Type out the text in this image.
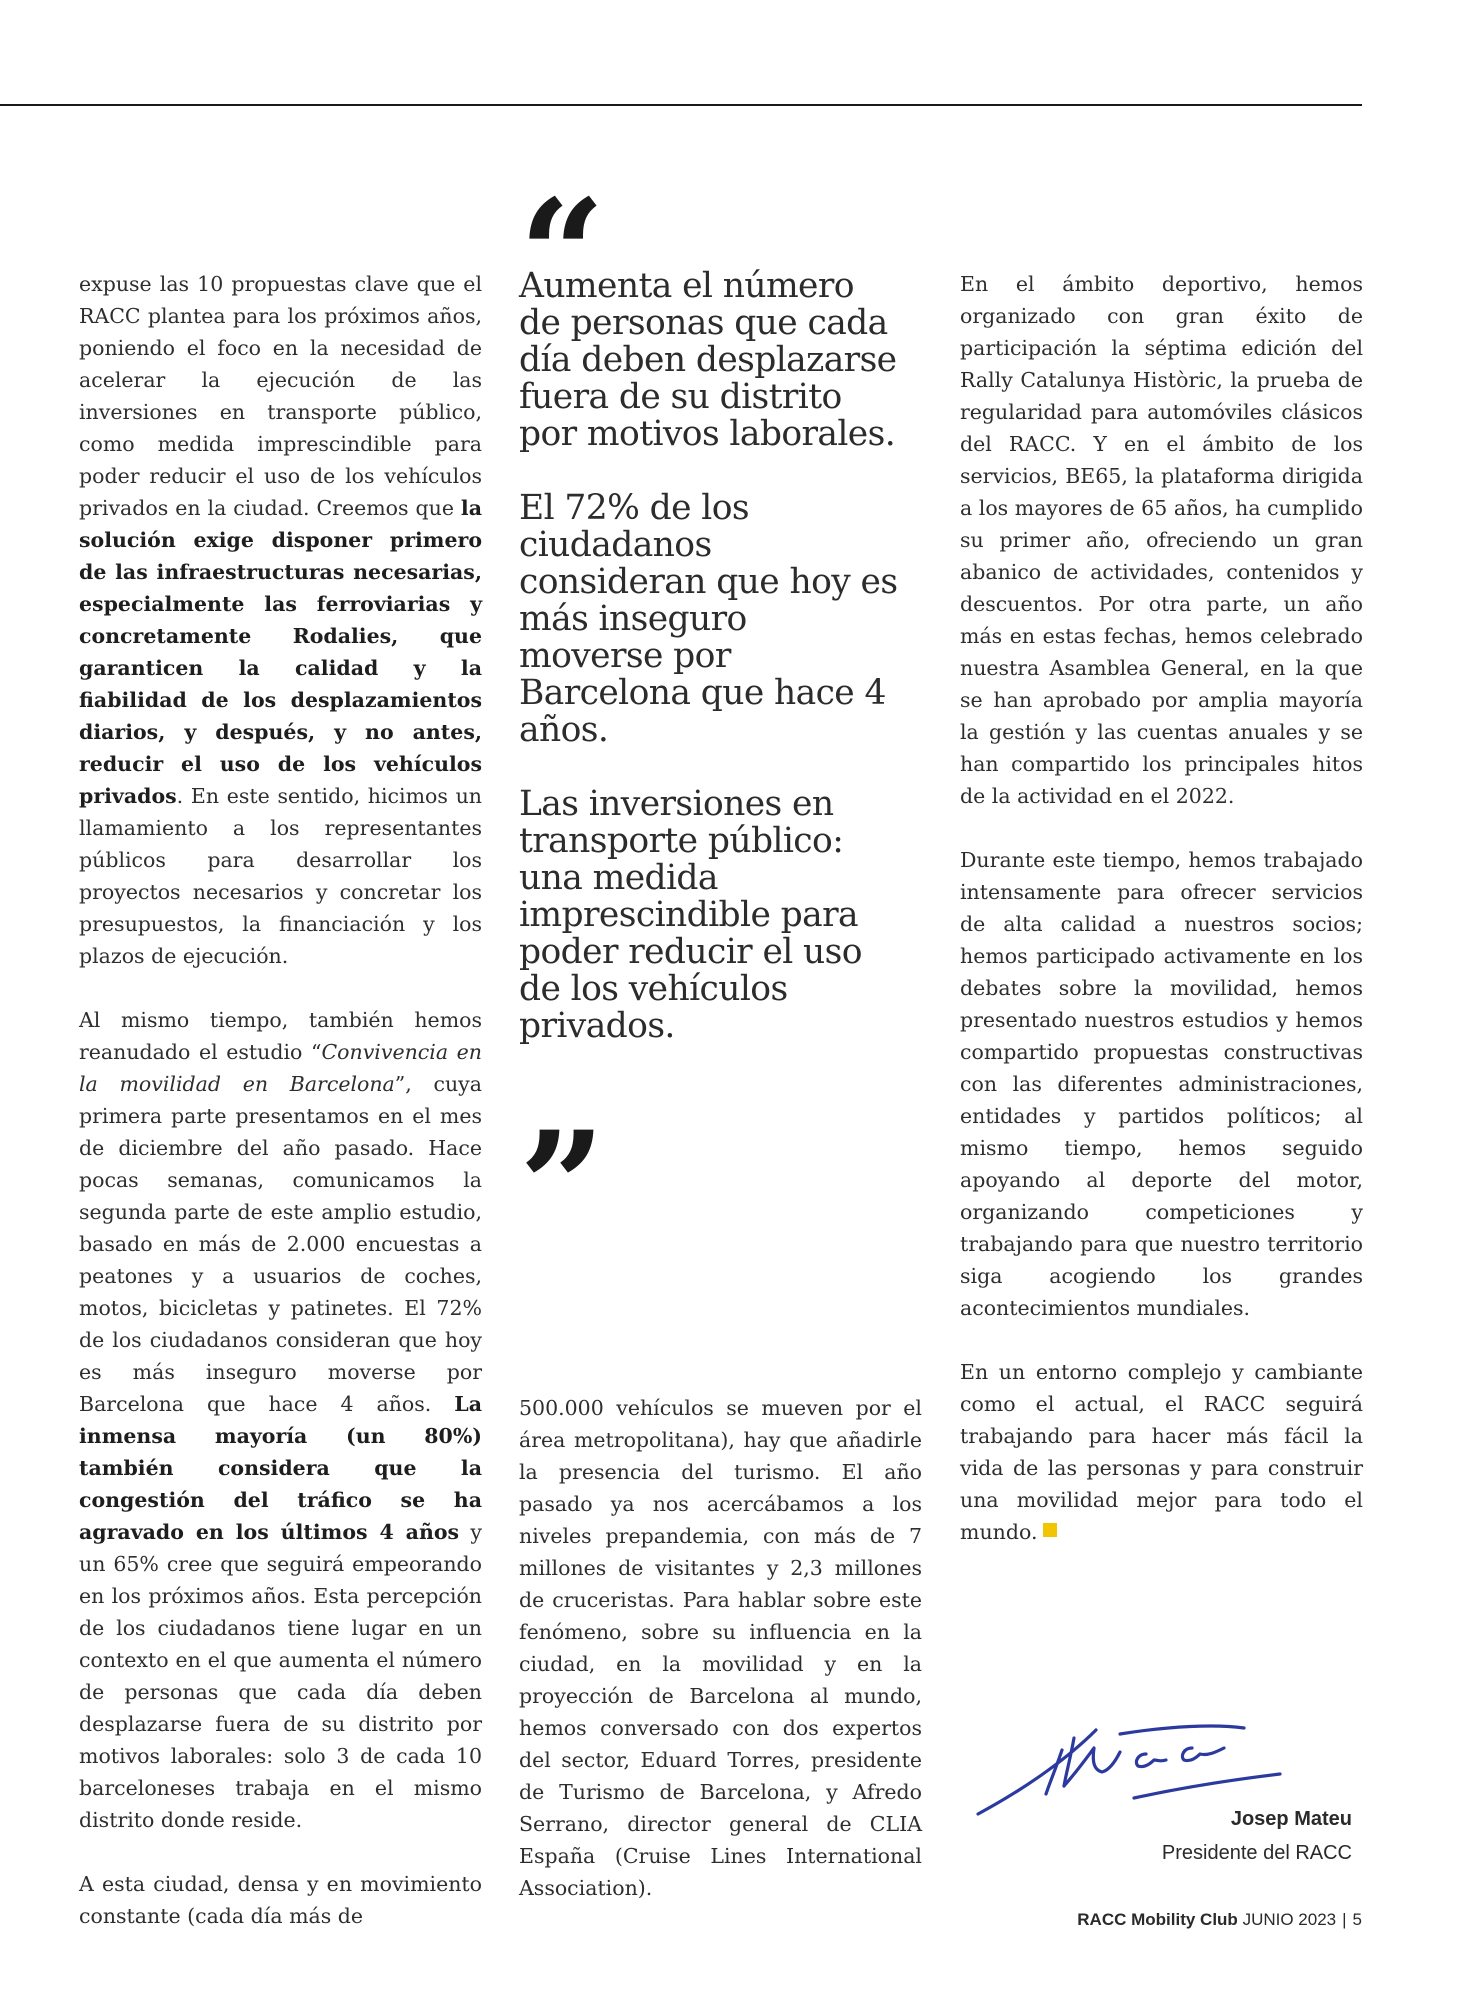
expuse las 10 propuestas clave que el RACC plantea para los próximos años, poniendo el foco en la necesidad de acelerar la ejecución de las inversiones en transporte público, como medida imprescindible para poder reducir el uso de los vehículos privados en la ciudad. Creemos que la solución exige disponer primero de las infraestructuras necesarias, especialmente las ferroviarias y concretamente Rodalies, que garanticen la calidad y la fiabilidad de los desplazamientos diarios, y después, y no antes, reducir el uso de los vehículos privados. En este sentido, hicimos un llamamiento a los representantes públicos para desarrollar los proyectos necesarios y concretar los presupuestos, la financiación y los plazos de ejecución.

Al mismo tiempo, también hemos reanudado el estudio “Convivencia en la movilidad en Barcelona”, cuya primera parte presentamos en el mes de diciembre del año pasado. Hace pocas semanas, comunicamos la segunda parte de este amplio estudio, basado en más de 2.000 encuestas a peatones y a usuarios de coches, motos, bicicletas y patinetes. El 72% de los ciudadanos consideran que hoy es más inseguro moverse por Barcelona que hace 4 años. La inmensa mayoría (un 80%) también considera que la congestión del tráfico se ha agravado en los últimos 4 años y un 65% cree que seguirá empeorando en los próximos años. Esta percepción de los ciudadanos tiene lugar en un contexto en el que aumenta el número de personas que cada día deben desplazarse fuera de su distrito por motivos laborales: solo 3 de cada 10 barceloneses trabaja en el mismo distrito donde reside.

A esta ciudad, densa y en movimiento constante (cada día más de

“

Aumenta el número de personas que cada día deben desplazarse fuera de su distrito por motivos laborales.

El 72% de los ciudadanos consideran que hoy es más inseguro moverse por Barcelona que hace 4 años.

Las inversiones en transporte público: una medida imprescindible para poder reducir el uso de los vehículos privados.

”

500.000 vehículos se mueven por el área metropolitana), hay que añadirle la presencia del turismo. El año pasado ya nos acercábamos a los niveles prepandemia, con más de 7 millones de visitantes y 2,3 millones de cruceristas. Para hablar sobre este fenómeno, sobre su influencia en la ciudad, en la movilidad y en la proyección de Barcelona al mundo, hemos conversado con dos expertos del sector, Eduard Torres, presidente de Turismo de Barcelona, y Afredo Serrano, director general de CLIA España (Cruise Lines International Association).

En el ámbito deportivo, hemos organizado con gran éxito de participación la séptima edición del Rally Catalunya Històric, la prueba de regularidad para automóviles clásicos del RACC. Y en el ámbito de los servicios, BE65, la plataforma dirigida a los mayores de 65 años, ha cumplido su primer año, ofreciendo un gran abanico de actividades, contenidos y descuentos. Por otra parte, un año más en estas fechas, hemos celebrado nuestra Asamblea General, en la que se han aprobado por amplia mayoría la gestión y las cuentas anuales y se han compartido los principales hitos de la actividad en el 2022.

Durante este tiempo, hemos trabajado intensamente para ofrecer servicios de alta calidad a nuestros socios; hemos participado activamente en los debates sobre la movilidad, hemos presentado nuestros estudios y hemos compartido propuestas constructivas con las diferentes administraciones, entidades y partidos políticos; al mismo tiempo, hemos seguido apoyando al deporte del motor, organizando competiciones y trabajando para que nuestro territorio siga acogiendo los grandes acontecimientos mundiales.

En un entorno complejo y cambiante como el actual, el RACC seguirá trabajando para hacer más fácil la vida de las personas y para construir una movilidad mejor para todo el mundo.

Josep Mateu
Presidente del RACC
RACC Mobility Club JUNIO 2023 | 5
